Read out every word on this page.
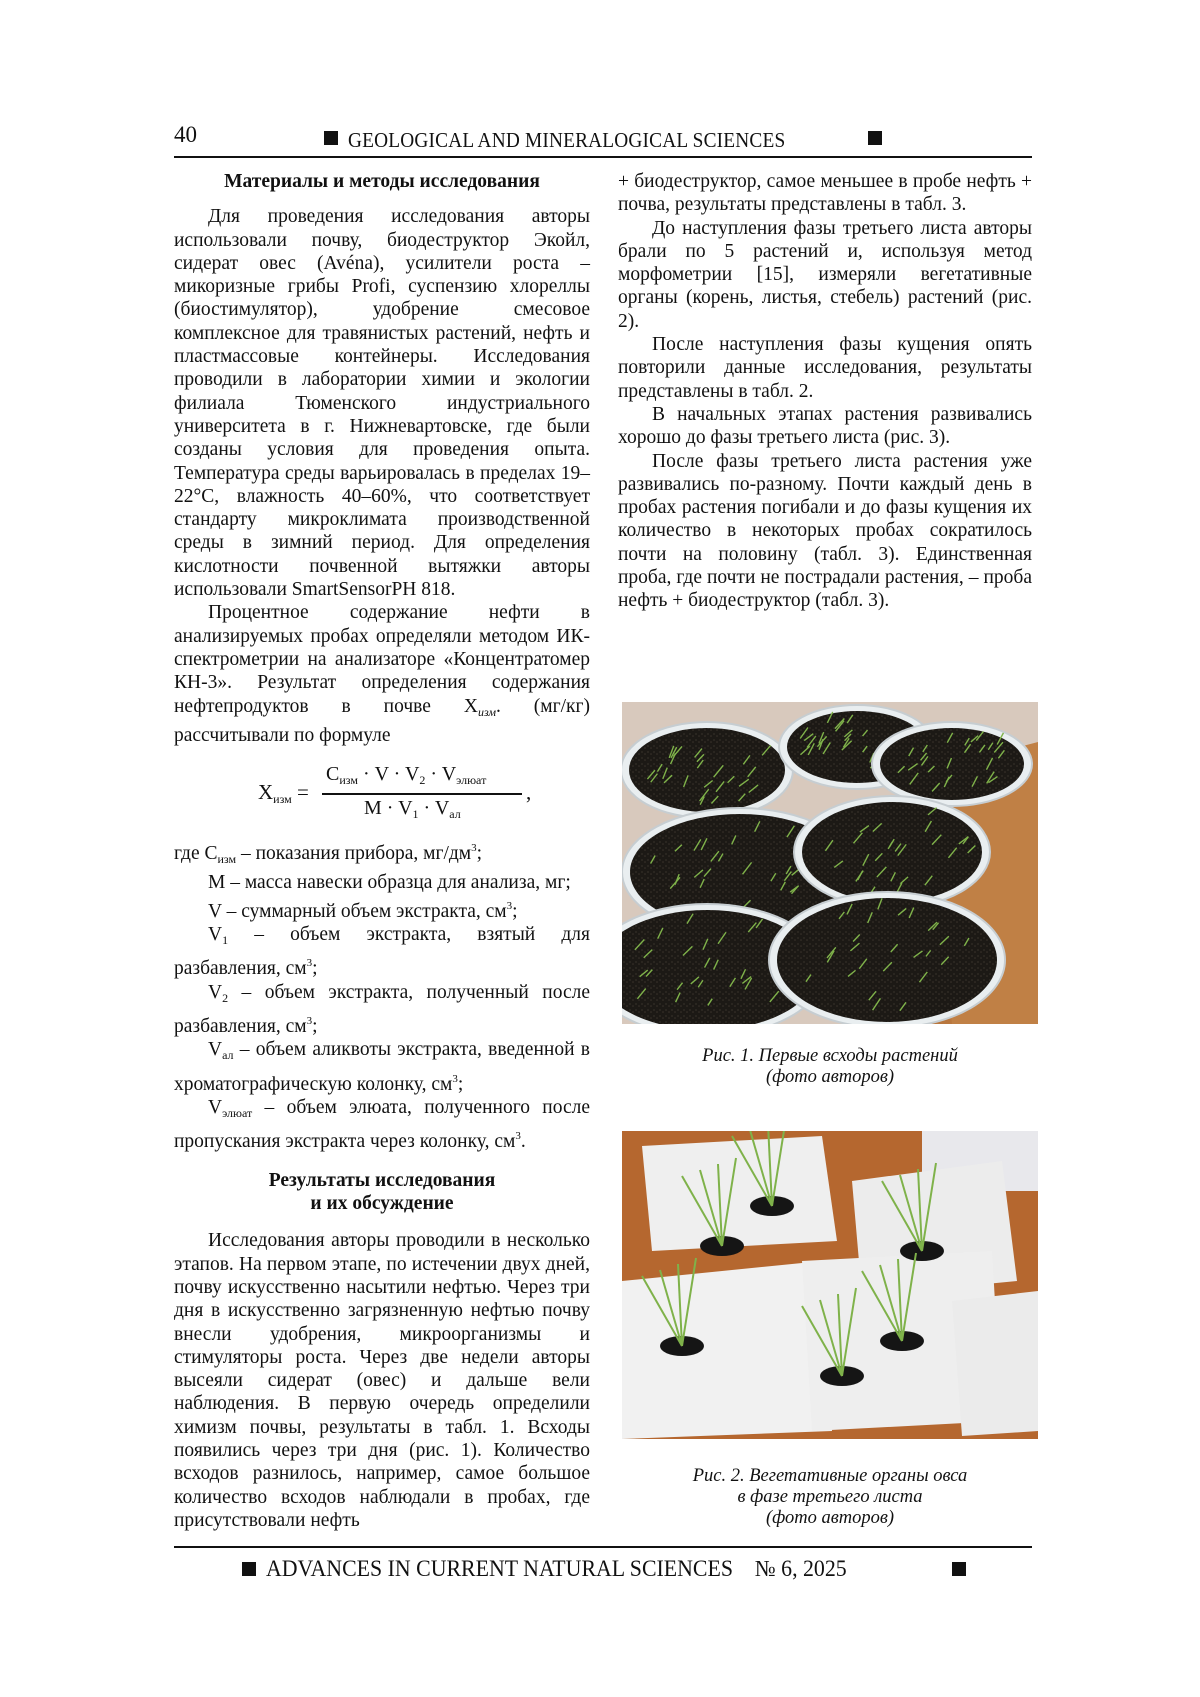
40	GEOLOGICAL AND MINERALOGICAL SCIENCES

Материалы и методы исследования

Для проведения исследования авторы использовали почву, биодеструктор Экойл, сидерат овес (Avéna), усилители роста – микоризные грибы Profi, суспензию хлореллы (биостимулятор), удобрение смесовое комплексное для травянистых растений, нефть и пластмассовые контейнеры. Исследования проводили в лаборатории химии и экологии филиала Тюменского индустриального университета в г. Нижневартовске, где были созданы условия для проведения опыта. Температура среды варьировалась в пределах 19–22°C, влажность 40–60%, что соответствует стандарту микроклимата производственной среды в зимний период. Для определения кислотности почвенной вытяжки авторы использовали SmartSensorPH 818.

Процентное содержание нефти в анализируемых пробах определяли методом ИК-спектрометрии на анализаторе «Концентратомер КН-3». Результат определения содержания нефтепродуктов в почве $X_{изм}$. (мг/кг) рассчитывали по формуле

$X_{изм}$ =
$C_{изм} \cdot V \cdot V_2 \cdot V_{элюат}$
$M \cdot V_1 \cdot V_{ал}$
,

где $C_{изм}$ – показания прибора, $мг/дм^3$;

M – масса навески образца для анализа, мг;

V – суммарный объем экстракта, $см^3$;

$V_1$ – объем экстракта, взятый для разбавления, $см^3$;

$V_2$ – объем экстракта, полученный после разбавления, $см^3$;

$V_{ал}$ – объем аликвоты экстракта, введенной в хроматографическую колонку, $см^3$;

$V_{элюат}$ – объем элюата, полученного после пропускания экстракта через колонку, $см^3$.

Результаты исследования
и их обсуждение

Исследования авторы проводили в несколько этапов. На первом этапе, по истечении двух дней, почву искусственно насытили нефтью. Через три дня в искусственно загрязненную нефтью почву внесли удобрения, микроорганизмы и стимуляторы роста. Через две недели авторы высеяли сидерат (овес) и дальше вели наблюдения. В первую очередь определили химизм почвы, результаты в табл. 1. Всходы появились через три дня (рис. 1). Количество всходов разнилось, например, самое большое количество всходов наблюдали в пробах, где присутствовали нефть

+ биодеструктор, самое меньшее в пробе нефть + почва, результаты представлены в табл. 3.

До наступления фазы третьего листа авторы брали по 5 растений и, используя метод морфометрии [15], измеряли вегетативные органы (корень, листья, стебель) растений (рис. 2).

После наступления фазы кущения опять повторили данные исследования, результаты представлены в табл. 2.

В начальных этапах растения развивались хорошо до фазы третьего листа (рис. 3).

После фазы третьего листа растения уже развивались по-разному. Почти каждый день в пробах растения погибали и до фазы кущения их количество в некоторых пробах сократилось почти на половину (табл. 3). Единственная проба, где почти не пострадали растения, – проба нефть + биодеструктор (табл. 3).

Рис. 1. Первые всходы растений
(фото авторов)
Рис. 2. Вегетативные органы овса
в фазе третьего листа
(фото авторов)
ADVANCES IN CURRENT NATURAL SCIENCES № 6, 2025
